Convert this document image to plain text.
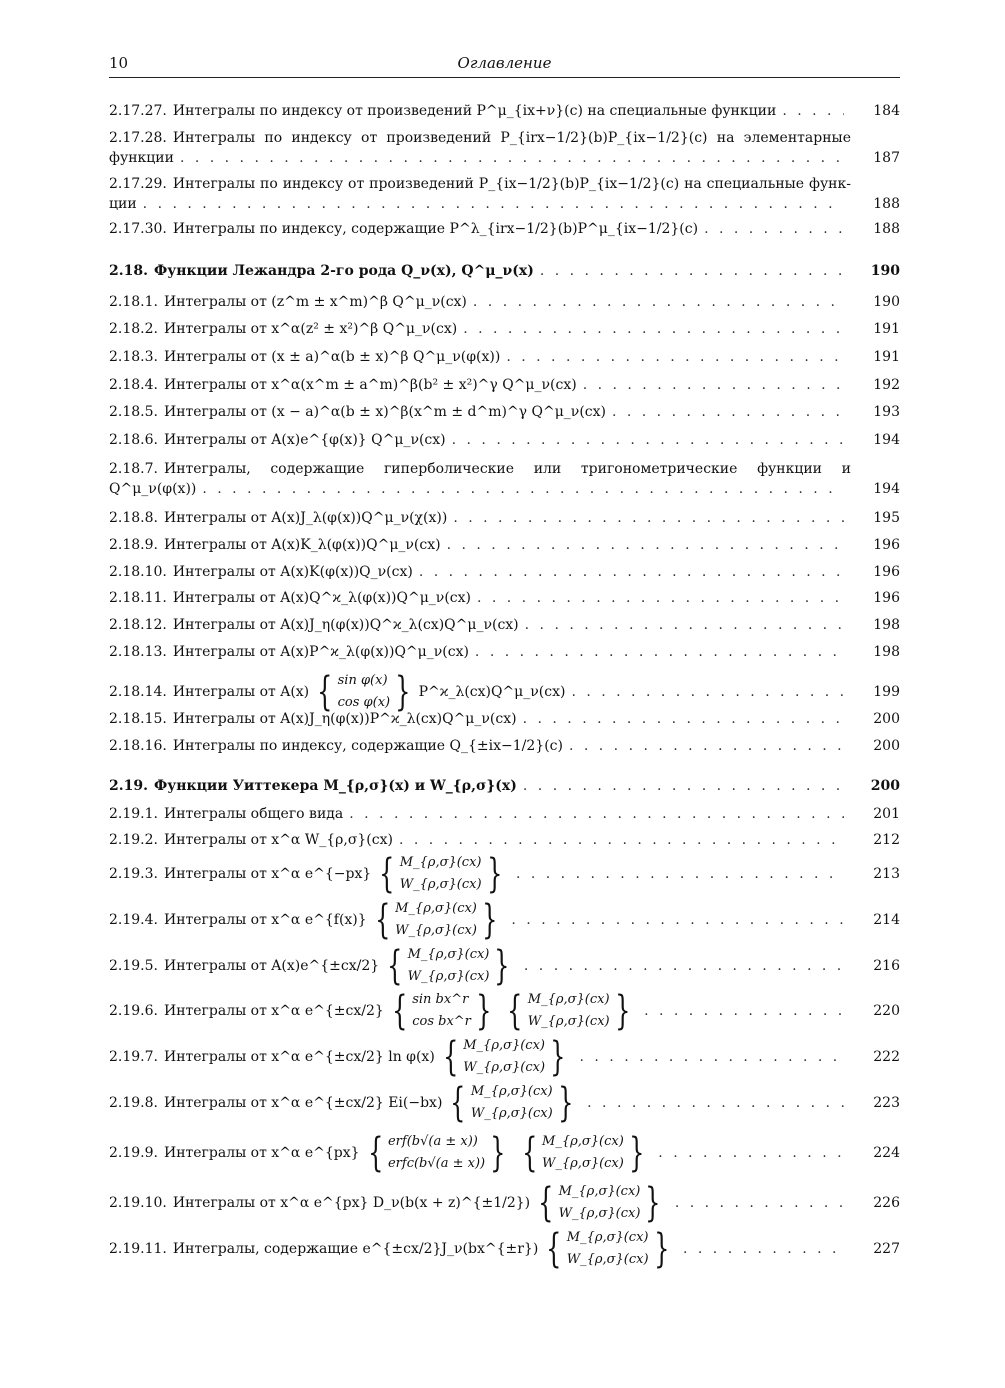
10	Оглавление
2.17.27. Интегралы по индексу от произведений P^μ_{ix+ν}(c) на специальные функции . . .	184
2.17.28. Интегралы по индексу от произведений P_{irx−1/2}(b)P_{ix−1/2}(c) на элементарные
функции . . .	187
2.17.29. Интегралы по индексу от произведений P_{ix−1/2}(b)P_{ix−1/2}(c) на специальные функ-
ции . . .	188
2.17.30. Интегралы по индексу, содержащие P^λ_{irx−1/2}(b)P^μ_{ix−1/2}(c) . . .	188
2.18. Функции Лежандра 2-го рода Q_ν(x), Q^μ_ν(x) . . .	190
2.18.1. Интегралы от (z^m ± x^m)^β Q^μ_ν(cx) . . .	190
2.18.2. Интегралы от x^α(z² ± x²)^β Q^μ_ν(cx) . . .	191
2.18.3. Интегралы от (x ± a)^α(b ± x)^β Q^μ_ν(φ(x)) . . .	191
2.18.4. Интегралы от x^α(x^m ± a^m)^β(b² ± x²)^γ Q^μ_ν(cx) . . .	192
2.18.5. Интегралы от (x − a)^α(b ± x)^β(x^m ± d^m)^γ Q^μ_ν(cx) . . .	193
2.18.6. Интегралы от A(x)e^{φ(x)} Q^μ_ν(cx) . . .	194
2.18.7. Интегралы, содержащие гиперболические или тригонометрические функции и
Q^μ_ν(φ(x)) . . .	194
2.18.8. Интегралы от A(x)J_λ(φ(x))Q^μ_ν(χ(x)) . . .	195
2.18.9. Интегралы от A(x)K_λ(φ(x))Q^μ_ν(cx) . . .	196
2.18.10. Интегралы от A(x)K(φ(x))Q_ν(cx) . . .	196
2.18.11. Интегралы от A(x)Q^ϰ_λ(φ(x))Q^μ_ν(cx) . . .	196
2.18.12. Интегралы от A(x)J_η(φ(x))Q^ϰ_λ(cx)Q^μ_ν(cx) . . .	198
2.18.13. Интегралы от A(x)P^ϰ_λ(φ(x))Q^μ_ν(cx) . . .	198
2.18.14. Интегралы от A(x) { sin φ(x)
cos φ(x) } P^ϰ_λ(cx)Q^μ_ν(cx) . . .	199
2.18.15. Интегралы от A(x)J_η(φ(x))P^ϰ_λ(cx)Q^μ_ν(cx) . . .	200
2.18.16. Интегралы по индексу, содержащие Q_{±ix−1/2}(c) . . .	200
2.19. Функции Уиттекера M_{ρ,σ}(x) и W_{ρ,σ}(x) . . .	200
2.19.1. Интегралы общего вида . . .	201
2.19.2. Интегралы от x^α W_{ρ,σ}(cx) . . .	212
2.19.3. Интегралы от x^α e^{−px} { M_{ρ,σ}(cx)
W_{ρ,σ}(cx) } . . .	213
2.19.4. Интегралы от x^α e^{f(x)} { M_{ρ,σ}(cx)
W_{ρ,σ}(cx) } . . .	214
2.19.5. Интегралы от A(x)e^{±cx/2} { M_{ρ,σ}(cx)
W_{ρ,σ}(cx) } . . .	216
2.19.6. Интегралы от x^α e^{±cx/2} { sin bx^r
cos bx^r } { M_{ρ,σ}(cx)
W_{ρ,σ}(cx) } . . .	220
2.19.7. Интегралы от x^α e^{±cx/2} ln φ(x) { M_{ρ,σ}(cx)
W_{ρ,σ}(cx) } . . .	222
2.19.8. Интегралы от x^α e^{±cx/2} Ei(−bx) { M_{ρ,σ}(cx)
W_{ρ,σ}(cx) } . . .	223
2.19.9. Интегралы от x^α e^{px} { erf(b√(a ± x))
erfc(b√(a ± x)) } { M_{ρ,σ}(cx)
W_{ρ,σ}(cx) } . . .	224
2.19.10. Интегралы от x^α e^{px} D_ν(b(x + z)^{±1/2}) { M_{ρ,σ}(cx)
W_{ρ,σ}(cx) } . . .	226
2.19.11. Интегралы, содержащие e^{±cx/2}J_ν(bx^{±r}) { M_{ρ,σ}(cx)
W_{ρ,σ}(cx) } . . .	227
